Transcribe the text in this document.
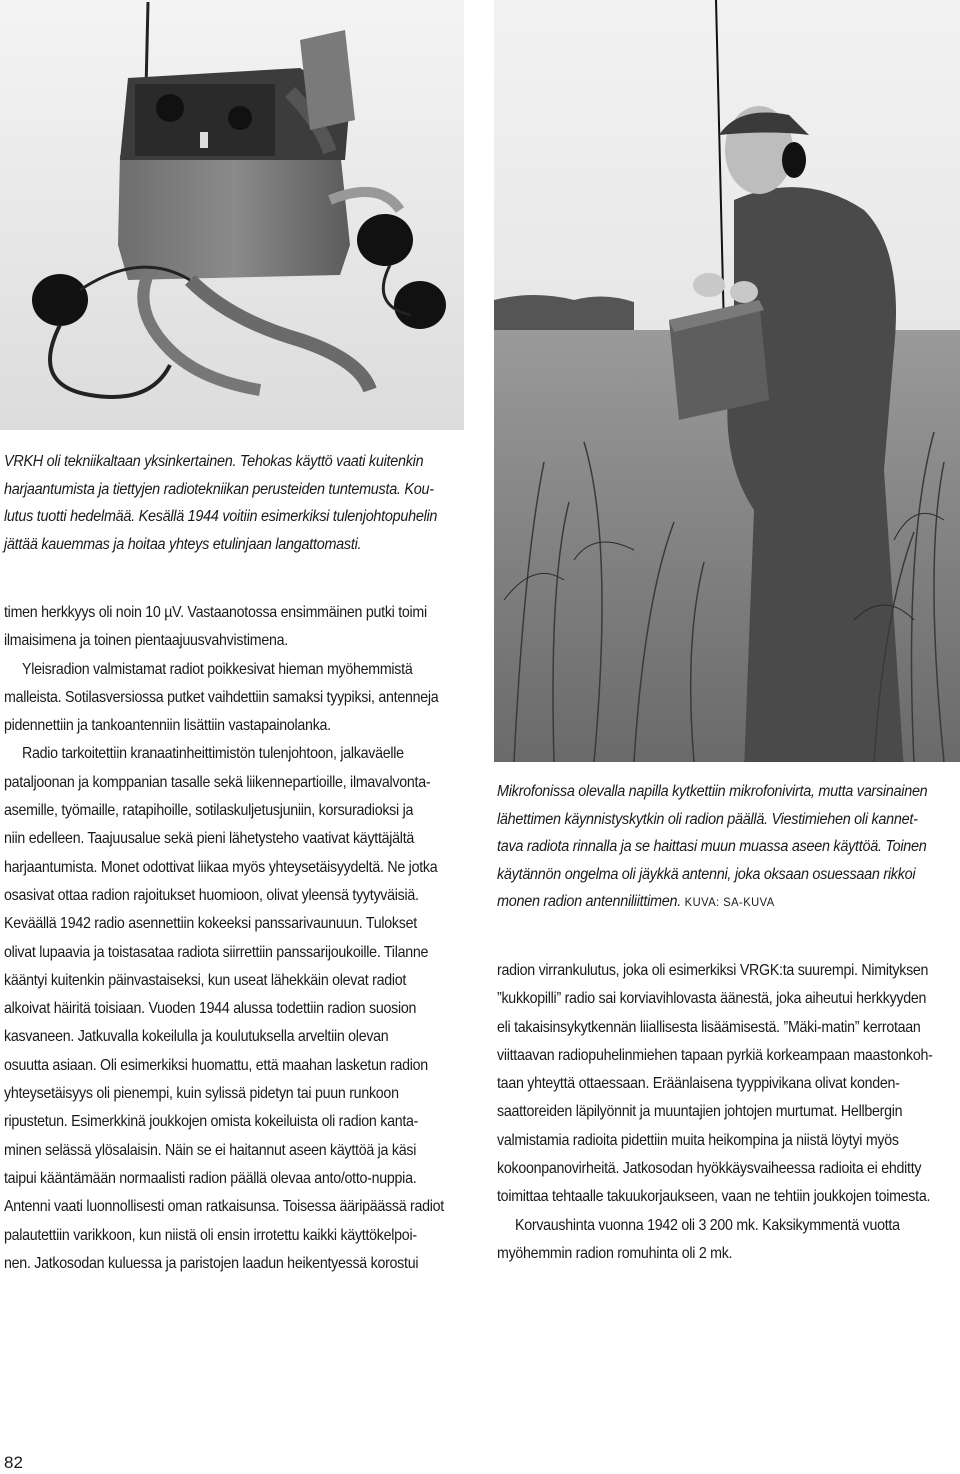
VRKH oli tekniikaltaan yksinkertainen. Tehokas käyttö vaati kuitenkin
harjaantumista ja tiettyjen radiotekniikan perusteiden tuntemusta. Kou-
lutus tuotti hedelmää. Kesällä 1944 voitiin esimerkiksi tulenjohtopuhelin
jättää kauemmas ja hoitaa yhteys etulinjaan langattomasti.
Mikrofonissa olevalla napilla kytkettiin mikrofonivirta, mutta varsinainen
lähettimen käynnistyskytkin oli radion päällä. Viestimiehen oli kannet-
tava radiota rinnalla ja se haittasi muun muassa aseen käyttöä. Toinen
käytännön ongelma oli jäykkä antenni, joka oksaan osuessaan rikkoi
monen radion antenniliittimen. KUVA: SA-KUVA

timen herkkyys oli noin 10 µV. Vastaanotossa ensimmäinen putki toimi

ilmaisimena ja toinen pientaajuusvahvistimena.

Yleisradion valmistamat radiot poikkesivat hieman myöhemmistä

malleista. Sotilasversiossa putket vaihdettiin samaksi tyypiksi, antenneja

pidennettiin ja tankoantenniin lisättiin vastapainolanka.

Radio tarkoitettiin kranaatinheittimistön tulenjohtoon, jalkaväelle

pataljoonan ja komppanian tasalle sekä liikennepartioille, ilmavalvonta-

asemille, työmaille, ratapihoille, sotilaskuljetusjuniin, korsuradioksi ja

niin edelleen. Taajuusalue sekä pieni lähetysteho vaativat käyttäjältä

harjaantumista. Monet odottivat liikaa myös yhteysetäisyydeltä. Ne jotka

osasivat ottaa radion rajoitukset huomioon, olivat yleensä tyytyväisiä.

Keväällä 1942 radio asennettiin kokeeksi panssarivaunuun. Tulokset

olivat lupaavia ja toistasataa radiota siirrettiin panssarijoukoille. Tilanne

kääntyi kuitenkin päinvastaiseksi, kun useat lähekkäin olevat radiot

alkoivat häiritä toisiaan. Vuoden 1944 alussa todettiin radion suosion

kasvaneen. Jatkuvalla kokeilulla ja koulutuksella arveltiin olevan

osuutta asiaan. Oli esimerkiksi huomattu, että maahan lasketun radion

yhteysetäisyys oli pienempi, kuin sylissä pidetyn tai puun runkoon

ripustetun. Esimerkkinä joukkojen omista kokeiluista oli radion kanta-

minen selässä ylösalaisin. Näin se ei haitannut aseen käyttöä ja käsi

taipui kääntämään normaalisti radion päällä olevaa anto/otto-nuppia.

Antenni vaati luonnollisesti oman ratkaisunsa. Toisessa ääripäässä radiot

palautettiin varikkoon, kun niistä oli ensin irrotettu kaikki käyttökelpoi-

nen. Jatkosodan kuluessa ja paristojen laadun heikentyessä korostui

radion virrankulutus, joka oli esimerkiksi VRGK:ta suurempi. Nimityksen

”kukkopilli” radio sai korviavihlovasta äänestä, joka aiheutui herkkyyden

eli takaisinsykytkennän liiallisesta lisäämisestä. ”Mäki-matin” kerrotaan

viittaavan radiopuhelinmiehen tapaan pyrkiä korkeampaan maastonkoh-

taan yhteyttä ottaessaan. Eräänlaisena tyyppivikana olivat konden-

saattoreiden läpilyönnit ja muuntajien johtojen murtumat. Hellbergin

valmistamia radioita pidettiin muita heikompina ja niistä löytyi myös

kokoonpanovirheitä. Jatkosodan hyökkäysvaiheessa radioita ei ehditty

toimittaa tehtaalle takuukorjaukseen, vaan ne tehtiin joukkojen toimesta.

Korvaushinta vuonna 1942 oli 3 200 mk. Kaksikymmentä vuotta

myöhemmin radion romuhinta oli 2 mk.

82
